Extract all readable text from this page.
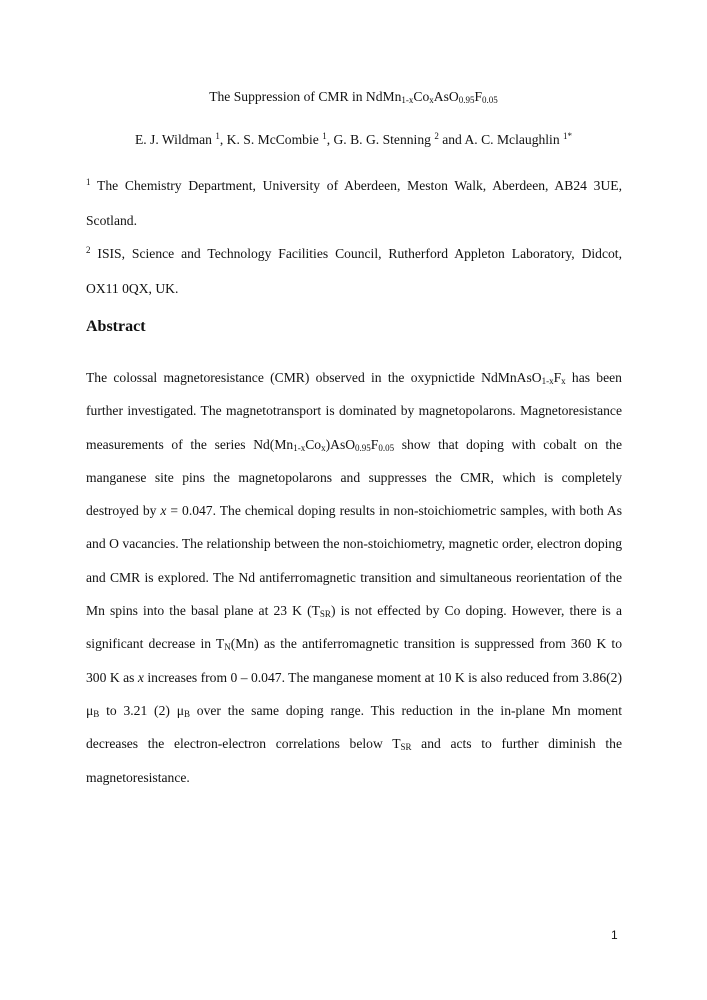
The Suppression of CMR in $NdMn_{1-x}Co_xAsO_{0.95}F_{0.05}$
E. J. Wildman $^1$, K. S. McCombie $^1$, G. B. G. Stenning $^2$ and A. C. Mclaughlin $^{1*}$
$^1$ The Chemistry Department, University of Aberdeen, Meston Walk, Aberdeen, AB24 3UE, Scotland.
$^2$ ISIS, Science and Technology Facilities Council, Rutherford Appleton Laboratory, Didcot, OX11 0QX, UK.
Abstract
The colossal magnetoresistance (CMR) observed in the oxypnictide $NdMnAsO_{1-x}F_x$ has been further investigated. The magnetotransport is dominated by magnetopolarons. Magnetoresistance measurements of the series $Nd(Mn_{1-x}Co_x)AsO_{0.95}F_{0.05}$ show that doping with cobalt on the manganese site pins the magnetopolarons and suppresses the CMR, which is completely destroyed by x = 0.047. The chemical doping results in non-stoichiometric samples, with both As and O vacancies. The relationship between the non-stoichiometry, magnetic order, electron doping and CMR is explored. The Nd antiferromagnetic transition and simultaneous reorientation of the Mn spins into the basal plane at 23 K $(T_{SR})$ is not effected by Co doping. However, there is a significant decrease in $T_N(Mn)$ as the antiferromagnetic transition is suppressed from 360 K to 300 K as x increases from 0 – 0.047. The manganese moment at 10 K is also reduced from 3.86(2) $\mu_B$ to 3.21 (2) $\mu_B$ over the same doping range. This reduction in the in-plane Mn moment decreases the electron-electron correlations below $T_{SR}$ and acts to further diminish the magnetoresistance.
1
